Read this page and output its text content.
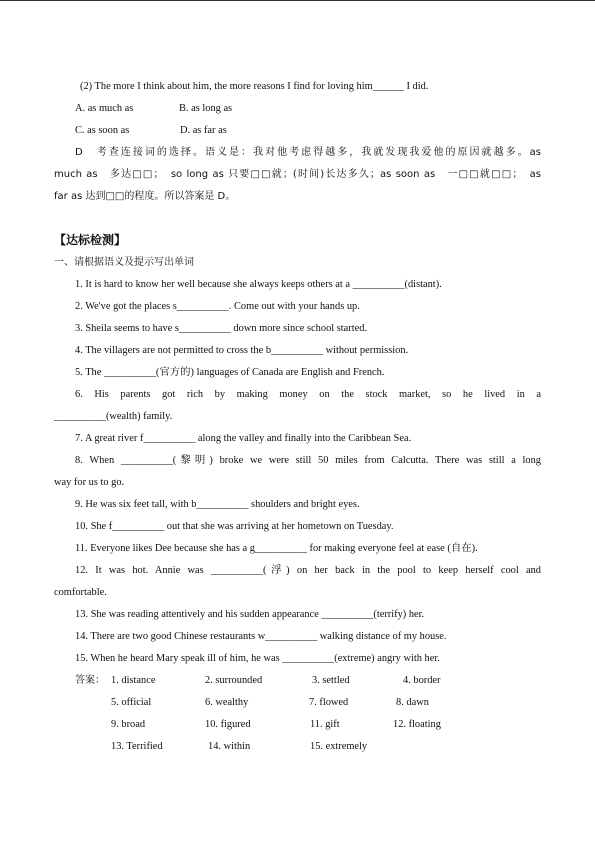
(2) The more I think about him, the more reasons I find for loving him______ I did.
A. as much as	B. as long as
C. as soon as	D. as far as
D　考查连接词的选择。语义是：我对他考虑得越多，我就发现我爱他的原因就越多。as
much as　多达□□；　so long as 只要□□就；(时间)长达多久；as soon as　一□□就□□；　as
far as 达到□□的程度。所以答案是 D。
【达标检测】
一、请根据语义及提示写出单词
1. It is hard to know her well because she always keeps others at a __________(distant).
2. We've got the places s__________. Come out with your hands up.
3. Sheila seems to have s__________ down more since school started.
4. The villagers are not permitted to cross the b__________ without permission.
5. The __________(官方的) languages of Canada are English and French.
6. His parents got rich by making money on the stock market, so he lived in a
__________(wealth) family.
7. A great river f__________ along the valley and finally into the Caribbean Sea.
8. When __________(黎明) broke we were still 50 miles from Calcutta. There was still a long
way for us to go.
9. He was six feet tall, with b__________ shoulders and bright eyes.
10. She f__________ out that she was arriving at her hometown on Tuesday.
11. Everyone likes Dee because she has a g__________ for making everyone feel at ease (自在).
12. It was hot. Annie was __________(浮) on her back in the pool to keep herself cool and
comfortable.
13. She was reading attentively and his sudden appearance __________(terrify) her.
14. There are two good Chinese restaurants w__________ walking distance of my house.
15. When he heard Mary speak ill of him, he was __________(extreme) angry with her.
答案： 1. distance	2. surrounded	3. settled	4. border
5. official	6. wealthy	7. flowed	8. dawn
9. broad	10. figured	11. gift	12. floating
13. Terrified	14. within	15. extremely
